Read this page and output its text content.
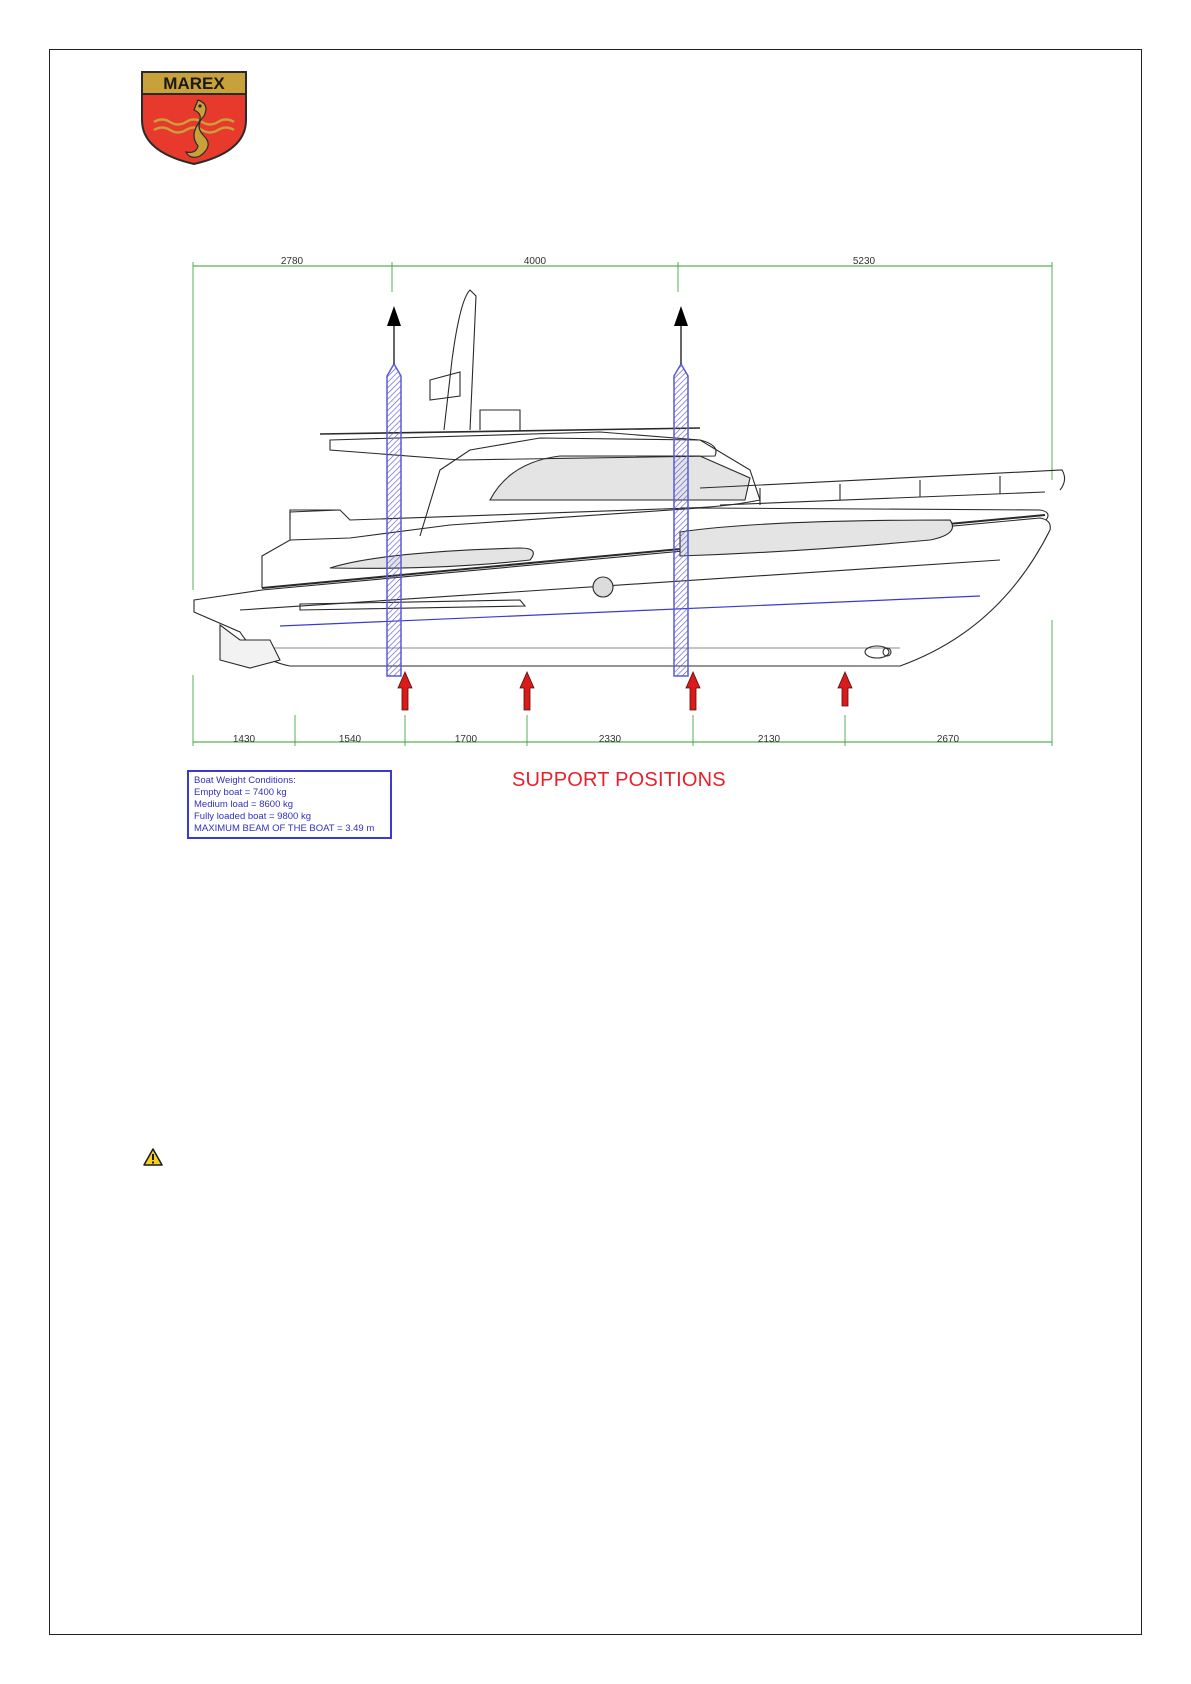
MAREX
2780	4000	5230
1430	1540	1700	2330	2130	2670
Boat Weight Conditions:
Empty boat = 7400 kg
Medium load = 8600 kg
Fully loaded boat = 9800 kg
MAXIMUM BEAM OF THE BOAT = 3.49 m
SUPPORT POSITIONS
